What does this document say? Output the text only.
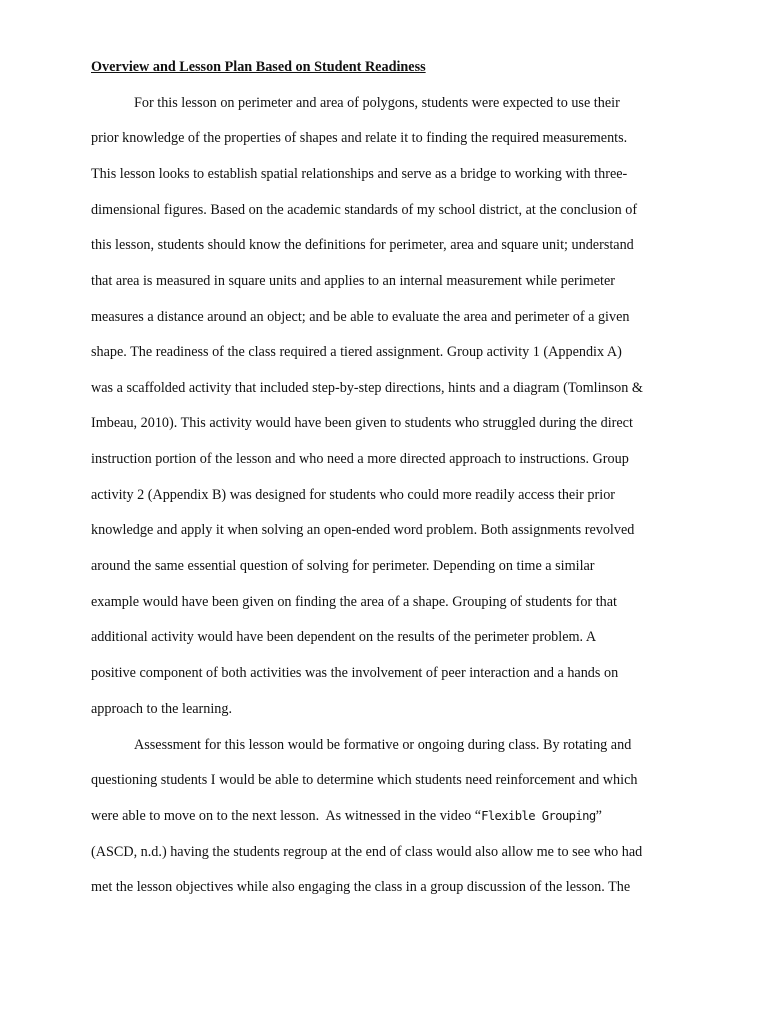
Overview and Lesson Plan Based on Student Readiness

For this lesson on perimeter and area of polygons, students were expected to use their

prior knowledge of the properties of shapes and relate it to finding the required measurements.

This lesson looks to establish spatial relationships and serve as a bridge to working with three-

dimensional figures. Based on the academic standards of my school district, at the conclusion of

this lesson, students should know the definitions for perimeter, area and square unit; understand

that area is measured in square units and applies to an internal measurement while perimeter

measures a distance around an object; and be able to evaluate the area and perimeter of a given

shape. The readiness of the class required a tiered assignment. Group activity 1 (Appendix A)

was a scaffolded activity that included step-by-step directions, hints and a diagram (Tomlinson &

Imbeau, 2010). This activity would have been given to students who struggled during the direct

instruction portion of the lesson and who need a more directed approach to instructions. Group

activity 2 (Appendix B) was designed for students who could more readily access their prior

knowledge and apply it when solving an open-ended word problem. Both assignments revolved

around the same essential question of solving for perimeter. Depending on time a similar

example would have been given on finding the area of a shape. Grouping of students for that

additional activity would have been dependent on the results of the perimeter problem. A

positive component of both activities was the involvement of peer interaction and a hands on

approach to the learning.

Assessment for this lesson would be formative or ongoing during class. By rotating and

questioning students I would be able to determine which students need reinforcement and which

were able to move on to the next lesson.  As witnessed in the video “Flexible Grouping”

(ASCD, n.d.) having the students regroup at the end of class would also allow me to see who had

met the lesson objectives while also engaging the class in a group discussion of the lesson. The
